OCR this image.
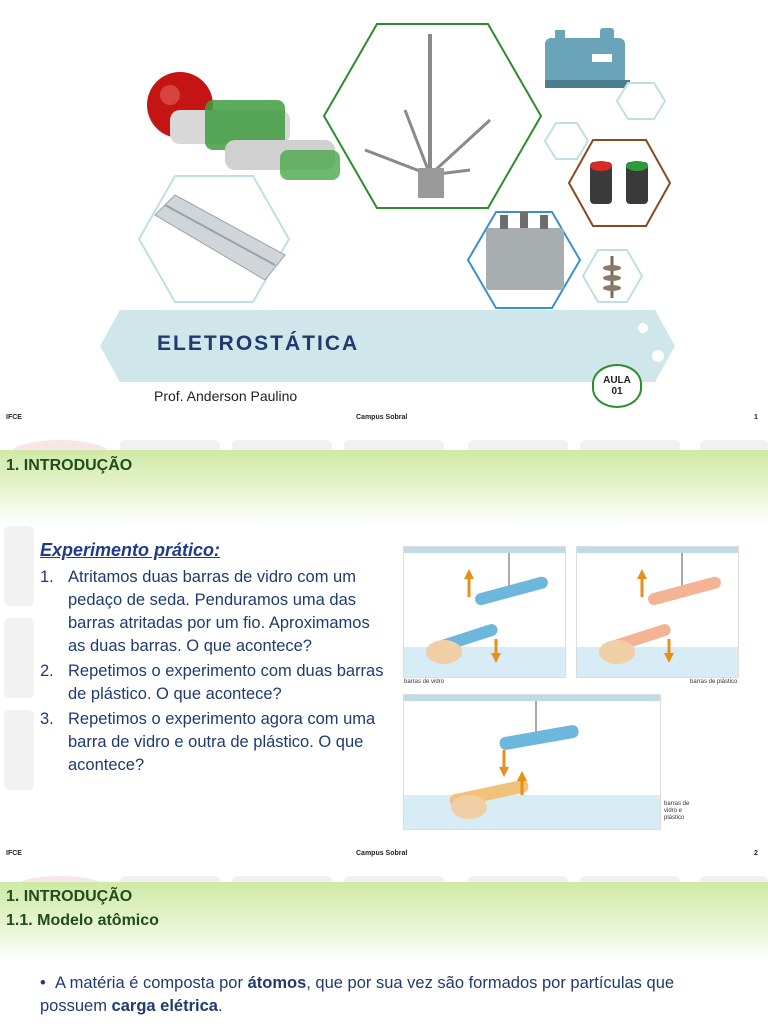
ELETROSTÁTICA
AULA
01
Prof. Anderson Paulino
IFCE	Campus Sobral	1
1. INTRODUÇÃO
Experimento prático:
1. Atritamos duas barras de vidro com um pedaço de seda. Penduramos uma das barras atritadas por um fio. Aproximamos as duas barras. O que acontece?
2. Repetimos o experimento com duas barras de plástico. O que acontece?
3. Repetimos o experimento agora com uma barra de vidro e outra de plástico. O que acontece?
barras de vidro	barras de plástico
barras de
vidro e
plástico
IFCE	Campus Sobral	2
1. INTRODUÇÃO
1.1. Modelo atômico
•  A matéria é composta por átomos, que por sua vez são formados por partículas que possuem carga elétrica.
